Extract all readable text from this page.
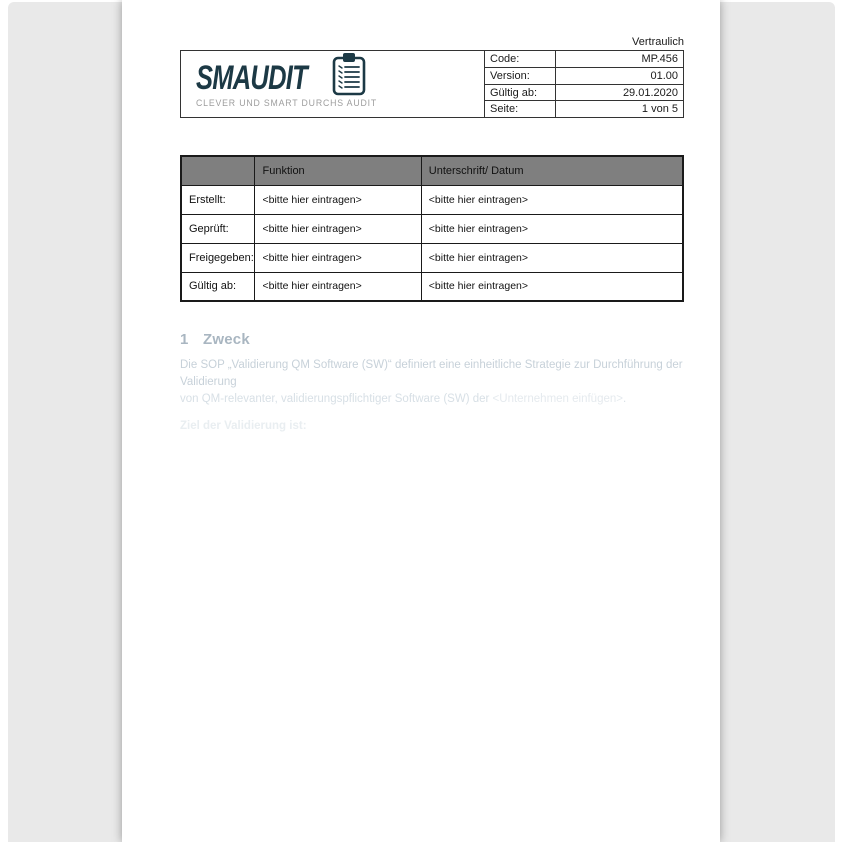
Vertraulich
SMAUDIT
CLEVER UND SMART DURCHS AUDIT
Code:	MP.456
Version:	01.00
Gültig ab:	29.01.2020
Seite:	1 von 5
	Funktion	Unterschrift/ Datum
Erstellt:	<bitte hier eintragen>	<bitte hier eintragen>
Geprüft:	<bitte hier eintragen>	<bitte hier eintragen>
Freigegeben:	<bitte hier eintragen>	<bitte hier eintragen>
Gültig ab:	<bitte hier eintragen>	<bitte hier eintragen>
1 Zweck
Die SOP „Validierung QM Software (SW)“ definiert eine einheitliche Strategie zur Durchführung der Validierung
von QM-relevanter, validierungspflichtiger Software (SW) der <Unternehmen einfügen>.
Ziel der Validierung ist:
